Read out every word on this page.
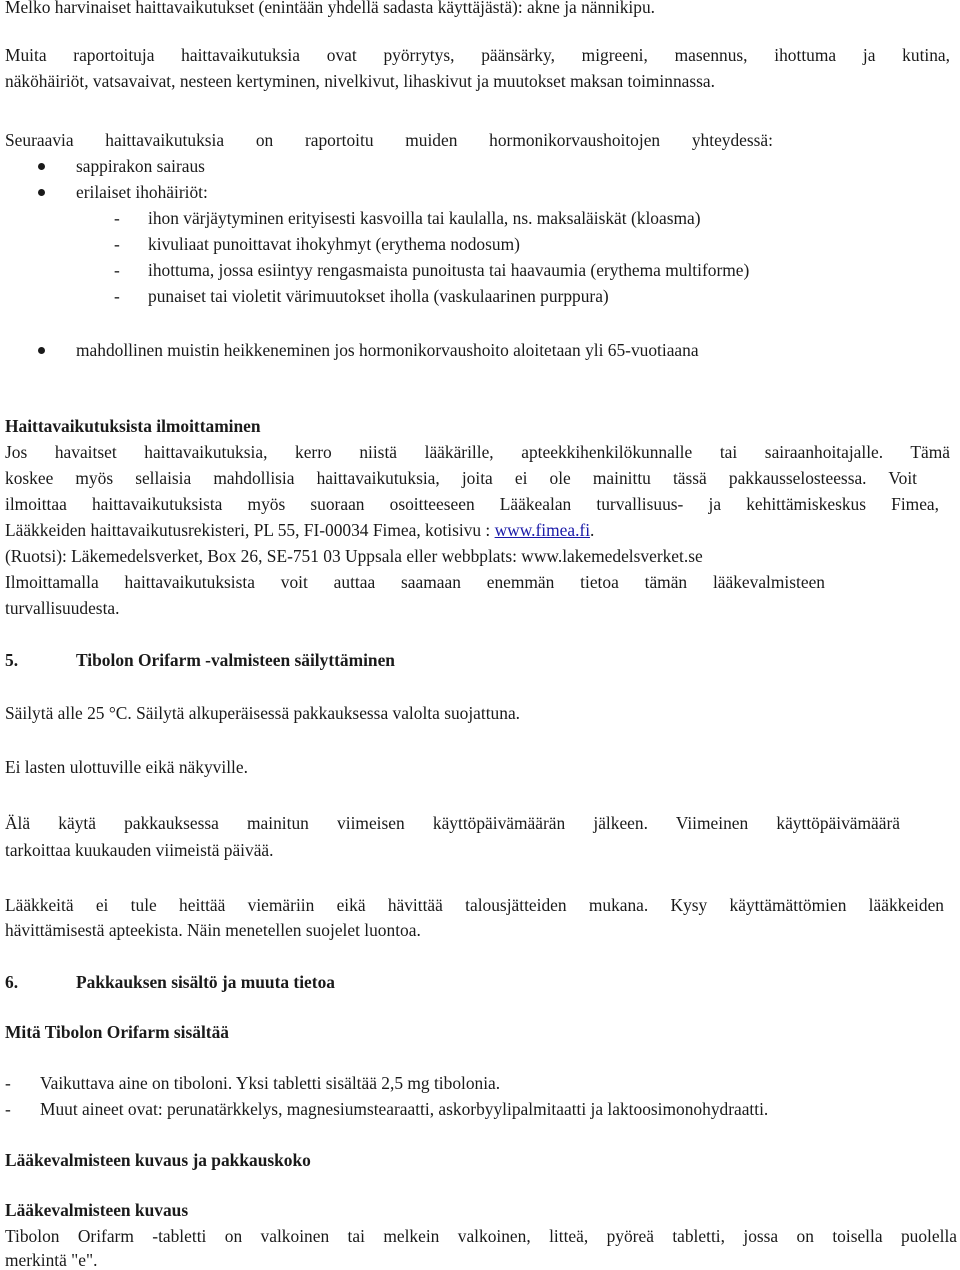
Melko harvinaiset haittavaikutukset (enintään yhdellä sadasta käyttäjästä): akne ja nännikipu.
Muita raportoituja haittavaikutuksia ovat pyörrytys, päänsärky, migreeni, masennus, ihottuma ja kutina,
näköhäiriöt, vatsavaivat, nesteen kertyminen, nivelkivut, lihaskivut ja muutokset maksan toiminnassa.
Seuraavia haittavaikutuksia on raportoitu muiden hormonikorvaushoitojen yhteydessä:
sappirakon sairaus
erilaiset ihohäiriöt:
- ihon värjäytyminen erityisesti kasvoilla tai kaulalla, ns. maksaläiskät (kloasma)
- kivuliaat punoittavat ihokyhmyt (erythema nodosum)
- ihottuma, jossa esiintyy rengasmaista punoitusta tai haavaumia (erythema multiforme)
- punaiset tai violetit värimuutokset iholla (vaskulaarinen purppura)
mahdollinen muistin heikkeneminen jos hormonikorvaushoito aloitetaan yli 65-vuotiaana
Haittavaikutuksista ilmoittaminen
Jos havaitset haittavaikutuksia, kerro niistä lääkärille, apteekkihenkilökunnalle tai sairaanhoitajalle. Tämä
koskee myös sellaisia mahdollisia haittavaikutuksia, joita ei ole mainittu tässä pakkausselosteessa. Voit
ilmoittaa haittavaikutuksista myös suoraan osoitteeseen Lääkealan turvallisuus- ja kehittämiskeskus Fimea,
Lääkkeiden haittavaikutusrekisteri, PL 55, FI-00034 Fimea, kotisivu : www.fimea.fi.
(Ruotsi): Läkemedelsverket, Box 26, SE-751 03 Uppsala eller webbplats: www.lakemedelsverket.se
Ilmoittamalla haittavaikutuksista voit auttaa saamaan enemmän tietoa tämän lääkevalmisteen
turvallisuudesta.
5.	Tibolon Orifarm -valmisteen säilyttäminen
Säilytä alle 25 °C. Säilytä alkuperäisessä pakkauksessa valolta suojattuna.
Ei lasten ulottuville eikä näkyville.
Älä käytä pakkauksessa mainitun viimeisen käyttöpäivämäärän jälkeen. Viimeinen käyttöpäivämäärä
tarkoittaa kuukauden viimeistä päivää.
Lääkkeitä ei tule heittää viemäriin eikä hävittää talousjätteiden mukana. Kysy käyttämättömien lääkkeiden
hävittämisestä apteekista. Näin menetellen suojelet luontoa.
6.	Pakkauksen sisältö ja muuta tietoa
Mitä Tibolon Orifarm sisältää
- Vaikuttava aine on tiboloni. Yksi tabletti sisältää 2,5 mg tibolonia.
- Muut aineet ovat: perunatärkkelys, magnesiumstearaatti, askorbyylipalmitaatti ja laktoosimonohydraatti.
Lääkevalmisteen kuvaus ja pakkauskoko
Lääkevalmisteen kuvaus
Tibolon Orifarm -tabletti on valkoinen tai melkein valkoinen, litteä, pyöreä tabletti, jossa on toisella puolella
merkintä "e".
